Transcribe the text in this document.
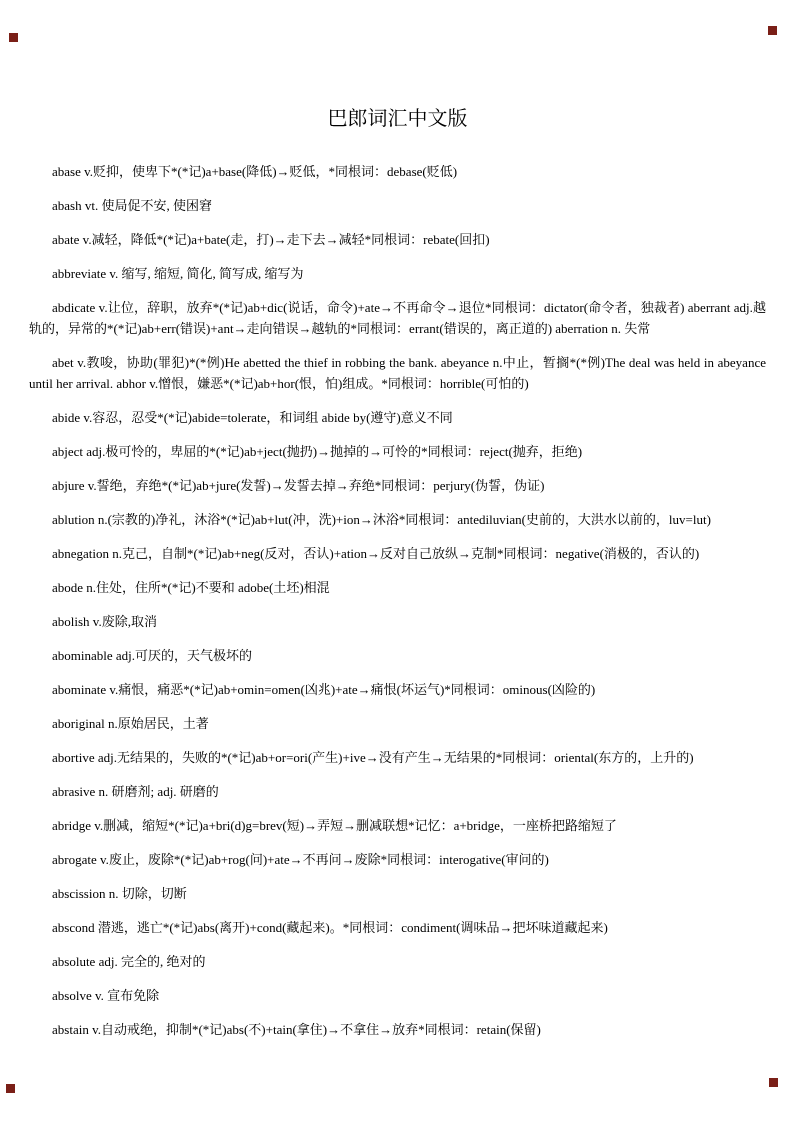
巴郎词汇中文版

abase v.贬抑，使卑下*(*记)a+base(降低)→贬低，*同根词：debase(贬低)

abash vt. 使局促不安, 使困窘

abate v.减轻，降低*(*记)a+bate(走，打)→走下去→减轻*同根词：rebate(回扣)

abbreviate v. 缩写, 缩短, 简化, 简写成, 缩写为

abdicate v.让位，辞职，放弃*(*记)ab+dic(说话，命令)+ate→不再命令→退位*同根词：dictator(命令者，独裁者) aberrant adj.越轨的，异常的*(*记)ab+err(错误)+ant→走向错误→越轨的*同根词：errant(错误的，离正道的) aberration n. 失常

abet v.教唆，协助(罪犯)*(*例)He abetted the thief in robbing the bank. abeyance n.中止，暂搁*(*例)The deal was held in abeyance until her arrival. abhor v.憎恨，嫌恶*(*记)ab+hor(恨，怕)组成。*同根词：horrible(可怕的)

abide v.容忍，忍受*(*记)abide=tolerate，和词组 abide by(遵守)意义不同

abject adj.极可怜的，卑屈的*(*记)ab+ject(抛扔)→抛掉的→可怜的*同根词：reject(抛弃，拒绝)

abjure v.誓绝，弃绝*(*记)ab+jure(发誓)→发誓去掉→弃绝*同根词：perjury(伪誓，伪证)

ablution n.(宗教的)净礼，沐浴*(*记)ab+lut(冲，洗)+ion→沐浴*同根词：antediluvian(史前的，大洪水以前的，luv=lut)

abnegation n.克己，自制*(*记)ab+neg(反对，否认)+ation→反对自己放纵→克制*同根词：negative(消极的，否认的)

abode n.住处，住所*(*记)不要和 adobe(土坯)相混

abolish v.废除,取消

abominable adj.可厌的，天气极坏的

abominate v.痛恨，痛恶*(*记)ab+omin=omen(凶兆)+ate→痛恨(坏运气)*同根词：ominous(凶险的)

aboriginal n.原始居民，土著

abortive adj.无结果的，失败的*(*记)ab+or=ori(产生)+ive→没有产生→无结果的*同根词：oriental(东方的，上升的)

abrasive n. 研磨剂; adj. 研磨的

abridge v.删减，缩短*(*记)a+bri(d)g=brev(短)→弄短→删减联想*记忆：a+bridge，一座桥把路缩短了

abrogate v.废止，废除*(*记)ab+rog(问)+ate→不再问→废除*同根词：interogative(审问的)

abscission n. 切除，切断

abscond 潜逃，逃亡*(*记)abs(离开)+cond(藏起来)。*同根词：condiment(调味品→把坏味道藏起来)

absolute adj. 完全的, 绝对的

absolve v. 宣布免除

abstain v.自动戒绝，抑制*(*记)abs(不)+tain(拿住)→不拿住→放弃*同根词：retain(保留)
